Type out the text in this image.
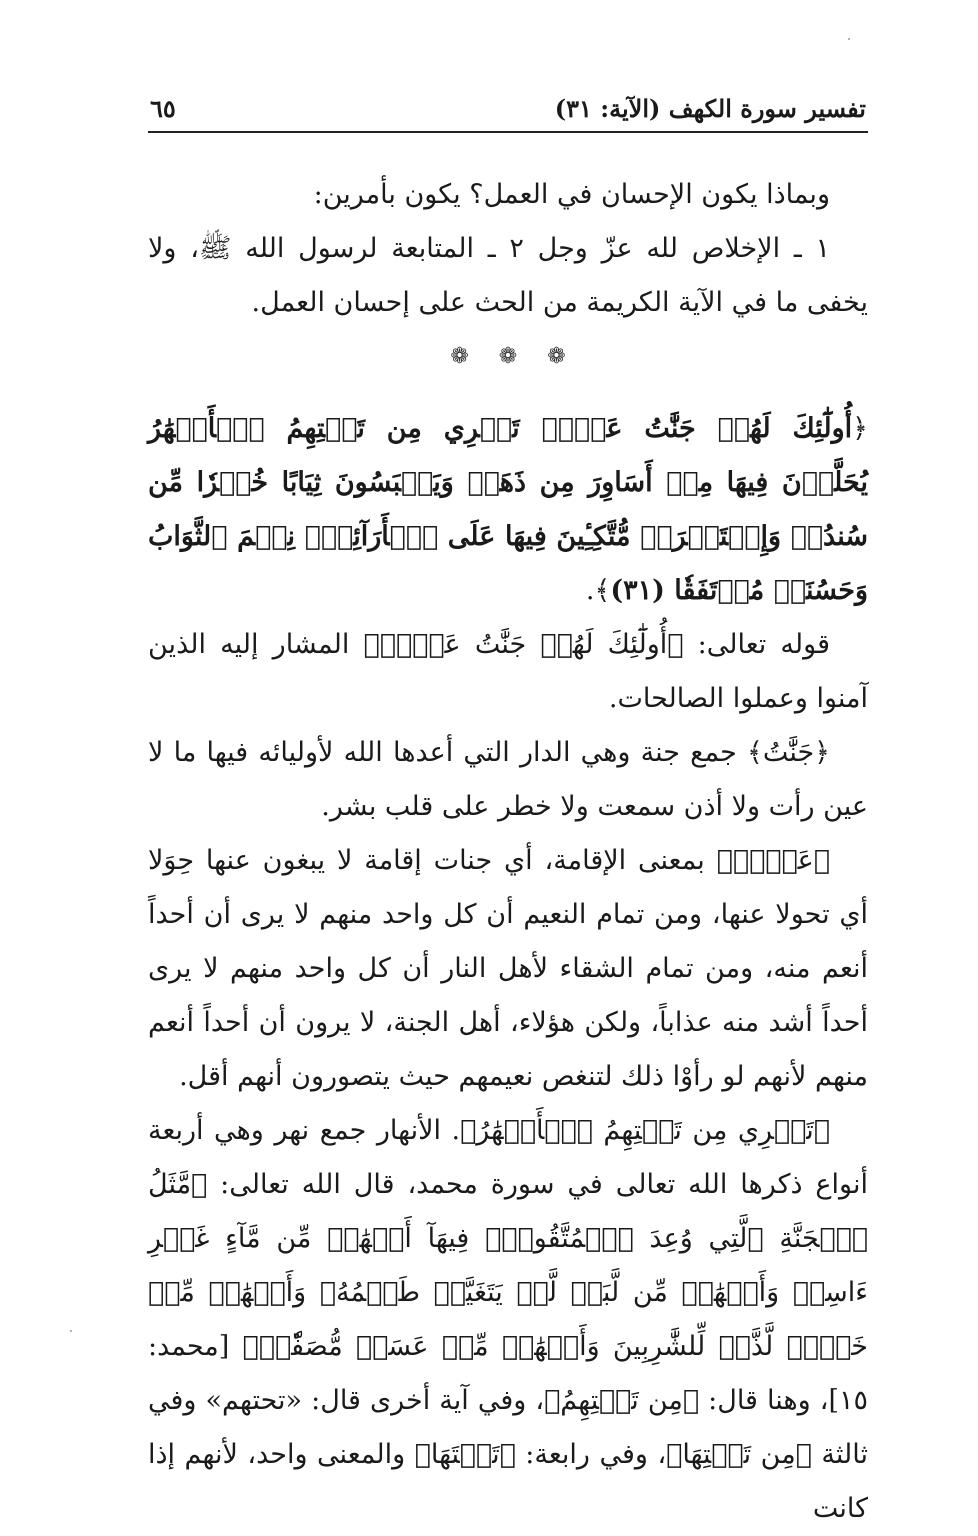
تفسير سورة الكهف (الآية: ٣١)
٦٥

وبماذا يكون الإحسان في العمل؟ يكون بأمرين:

١ ـ الإخلاص لله عزّ وجل ٢ ـ المتابعة لرسول الله ﷺ، ولا يخفى ما في الآية الكريمة من الحث على إحسان العمل.

❁
❁
❁

﴿أُولَٰٓئِكَ لَهُمۡ جَنَّٰتُ عَدۡنٖ تَجۡرِي مِن تَحۡتِهِمُ ٱلۡأَنۡهَٰرُ يُحَلَّوۡنَ فِيهَا مِنۡ أَسَاوِرَ مِن ذَهَبٖ وَيَلۡبَسُونَ ثِيَابًا خُضۡرٗا مِّن سُندُسٖ وَإِسۡتَبۡرَقٖ مُّتَّكِـِٔينَ فِيهَا عَلَى ٱلۡأَرَآئِكِۚ نِعۡمَ ٱلثَّوَابُ وَحَسُنَتۡ مُرۡتَفَقٗا (٣١)﴾.

قوله تعالى: ﴿أُولَٰٓئِكَ لَهُمۡ جَنَّٰتُ عَدۡنٖ﴾ المشار إليه الذين آمنوا وعملوا الصالحات.

﴿جَنَّٰتُ﴾ جمع جنة وهي الدار التي أعدها الله لأوليائه فيها ما لا عين رأت ولا أذن سمعت ولا خطر على قلب بشر.

﴿عَدۡنٖ﴾ بمعنى الإقامة، أي جنات إقامة لا يبغون عنها حِوَلا أي تحولا عنها، ومن تمام النعيم أن كل واحد منهم لا يرى أن أحداً أنعم منه، ومن تمام الشقاء لأهل النار أن كل واحد منهم لا يرى أحداً أشد منه عذاباً، ولكن هؤلاء، أهل الجنة، لا يرون أن أحداً أنعم منهم لأنهم لو رأوْا ذلك لتنغص نعيمهم حيث يتصورون أنهم أقل.

﴿تَجۡرِي مِن تَحۡتِهِمُ ٱلۡأَنۡهَٰرُ﴾. الأنهار جمع نهر وهي أربعة أنواع ذكرها الله تعالى في سورة محمد، قال الله تعالى: ﴿مَّثَلُ ٱلۡجَنَّةِ ٱلَّتِي وُعِدَ ٱلۡمُتَّقُونَۖ فِيهَآ أَنۡهَٰرٞ مِّن مَّآءٍ غَيۡرِ ءَاسِنٖ وَأَنۡهَٰرٞ مِّن لَّبَنٖ لَّمۡ يَتَغَيَّرۡ طَعۡمُهُۥ وَأَنۡهَٰرٞ مِّنۡ خَمۡرٖ لَّذَّةٖ لِّلشَّٰرِبِينَ وَأَنۡهَٰرٞ مِّنۡ عَسَلٖ مُّصَفّٗىۖ﴾ [محمد: ١٥]، وهنا قال: ﴿مِن تَحۡتِهِمُ﴾، وفي آية أخرى قال: «تحتهم» وفي ثالثة ﴿مِن تَحۡتِهَا﴾، وفي رابعة: ﴿تَحۡتَهَا﴾ والمعنى واحد، لأنهم إذا كانت
